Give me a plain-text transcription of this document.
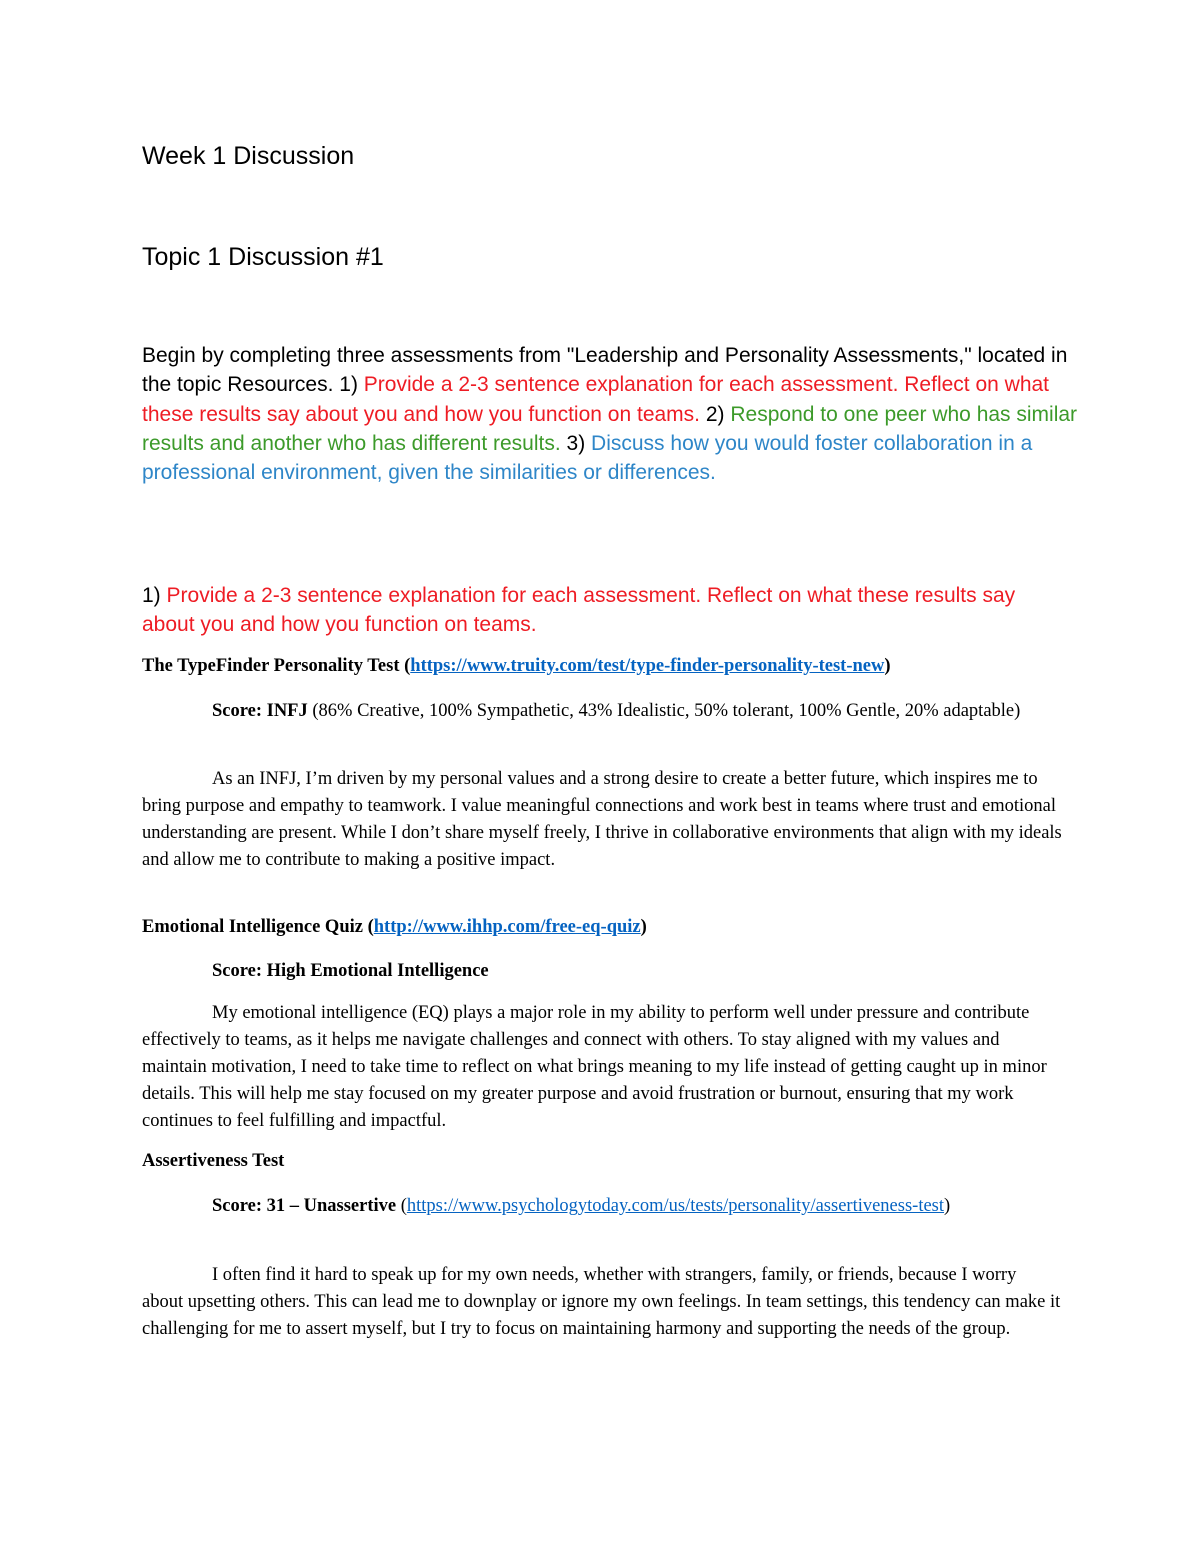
Week 1 Discussion
Topic 1 Discussion #1

Begin by completing three assessments from "Leadership and Personality Assessments," located in the topic Resources. 1) Provide a 2-3 sentence explanation for each assessment. Reflect on what these results say about you and how you function on teams. 2) Respond to one peer who has similar results and another who has different results. 3) Discuss how you would foster collaboration in a professional environment, given the similarities or differences.

1) Provide a 2-3 sentence explanation for each assessment. Reflect on what these results say about you and how you function on teams.

The TypeFinder Personality Test (https://www.truity.com/test/type-finder-personality-test-new)
Score: INFJ (86% Creative, 100% Sympathetic, 43% Idealistic, 50% tolerant, 100% Gentle, 20% adaptable)

As an INFJ, I’m driven by my personal values and a strong desire to create a better future, which inspires me to bring purpose and empathy to teamwork. I value meaningful connections and work best in teams where trust and emotional understanding are present. While I don’t share myself freely, I thrive in collaborative environments that align with my ideals and allow me to contribute to making a positive impact.

Emotional Intelligence Quiz (http://www.ihhp.com/free-eq-quiz)
Score: High Emotional Intelligence

My emotional intelligence (EQ) plays a major role in my ability to perform well under pressure and contribute effectively to teams, as it helps me navigate challenges and connect with others. To stay aligned with my values and maintain motivation, I need to take time to reflect on what brings meaning to my life instead of getting caught up in minor details. This will help me stay focused on my greater purpose and avoid frustration or burnout, ensuring that my work continues to feel fulfilling and impactful.

Assertiveness Test
Score: 31 – Unassertive (https://www.psychologytoday.com/us/tests/personality/assertiveness-test)

I often find it hard to speak up for my own needs, whether with strangers, family, or friends, because I worry about upsetting others. This can lead me to downplay or ignore my own feelings. In team settings, this tendency can make it challenging for me to assert myself, but I try to focus on maintaining harmony and supporting the needs of the group.
